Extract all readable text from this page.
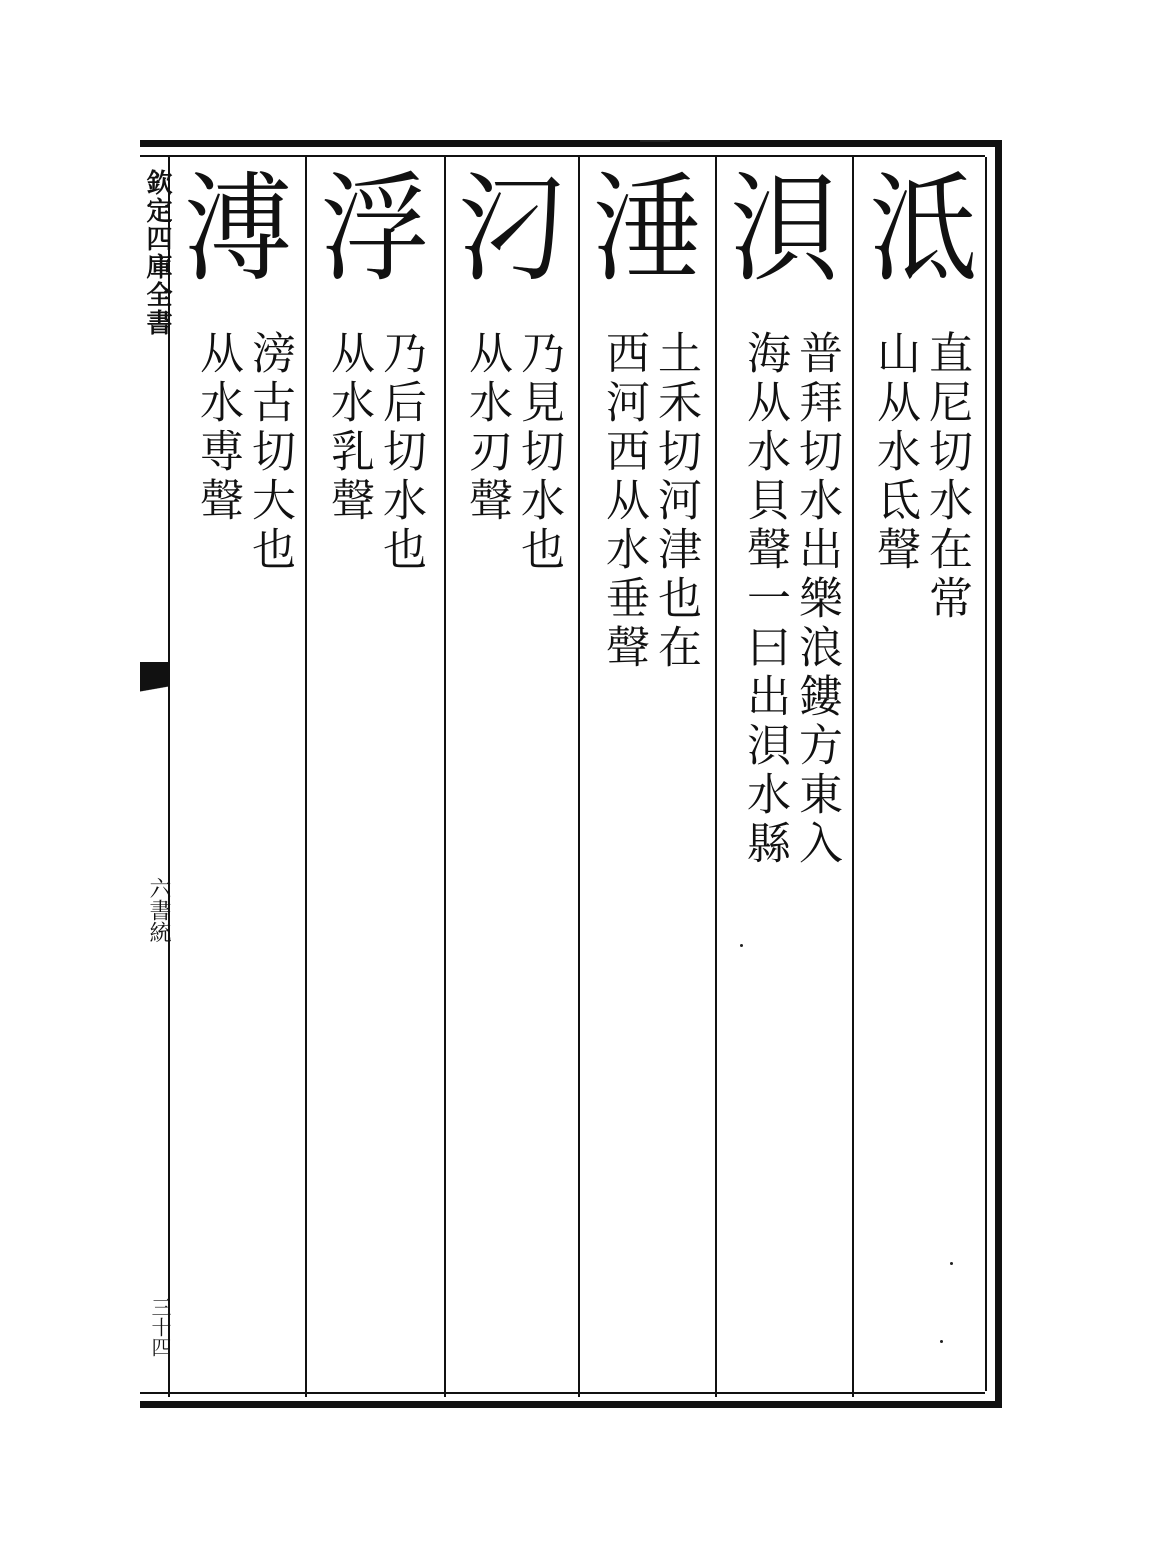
欽定四庫全書
六書統
三十四
泜
直尼切水在常
山从水氐聲
浿
普拜切水出樂浪鏤方東入
海从水貝聲一曰出浿水縣
涶
土禾切河津也在
西河西从水垂聲
汈
乃見切水也
从水刃聲
浮
乃后切水也
从水乳聲
溥
滂古切大也
从水尃聲
